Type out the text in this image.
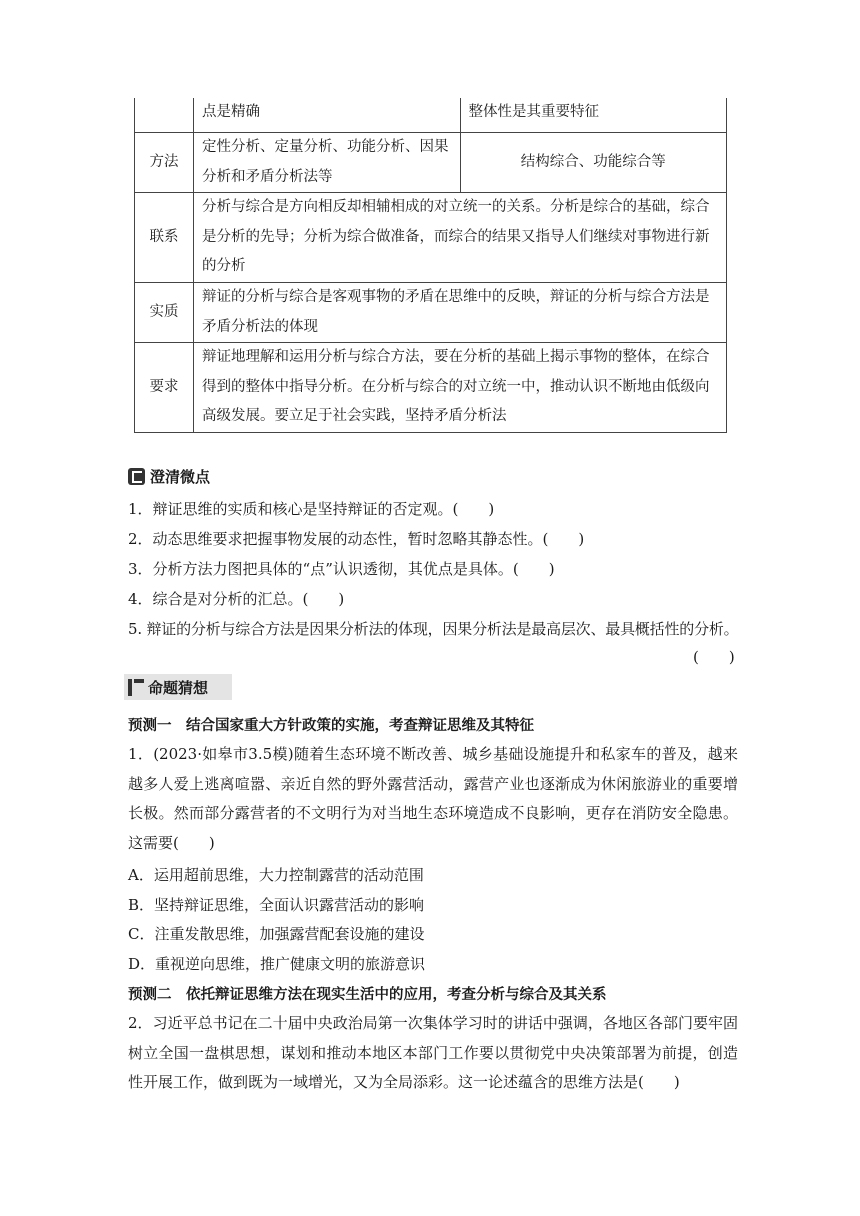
	点是精确	整体性是其重要特征
方法	定性分析、定量分析、功能分析、因果分析和矛盾分析法等	结构综合、功能综合等
联系	分析与综合是方向相反却相辅相成的对立统一的关系。分析是综合的基础，综合是分析的先导；分析为综合做准备，而综合的结果又指导人们继续对事物进行新的分析	
实质	辩证的分析与综合是客观事物的矛盾在思维中的反映，辩证的分析与综合方法是矛盾分析法的体现	
要求	辩证地理解和运用分析与综合方法，要在分析的基础上揭示事物的整体，在综合得到的整体中指导分析。在分析与综合的对立统一中，推动认识不断地由低级向高级发展。要立足于社会实践，坚持矛盾分析法	
澄清微点
1．辩证思维的实质和核心是坚持辩证的否定观。(　　)
2．动态思维要求把握事物发展的动态性，暂时忽略其静态性。(　　)
3．分析方法力图把具体的“点”认识透彻，其优点是具体。(　　)
4．综合是对分析的汇总。(　　)
5. 辩证的分析与综合方法是因果分析法的体现，因果分析法是最高层次、最具概括性的分析。
(　　)
命题猜想
预测一　结合国家重大方针政策的实施，考查辩证思维及其特征
1．(2023·如皋市3.5模)随着生态环境不断改善、城乡基础设施提升和私家车的普及，越来越多人爱上逃离喧嚣、亲近自然的野外露营活动，露营产业也逐渐成为休闲旅游业的重要增长极。然而部分露营者的不文明行为对当地生态环境造成不良影响，更存在消防安全隐患。这需要(　　)
A．运用超前思维，大力控制露营的活动范围
B．坚持辩证思维，全面认识露营活动的影响
C．注重发散思维，加强露营配套设施的建设
D．重视逆向思维，推广健康文明的旅游意识
预测二　依托辩证思维方法在现实生活中的应用，考查分析与综合及其关系
2．习近平总书记在二十届中央政治局第一次集体学习时的讲话中强调，各地区各部门要牢固树立全国一盘棋思想，谋划和推动本地区本部门工作要以贯彻党中央决策部署为前提，创造性开展工作，做到既为一域增光，又为全局添彩。这一论述蕴含的思维方法是(　　)
